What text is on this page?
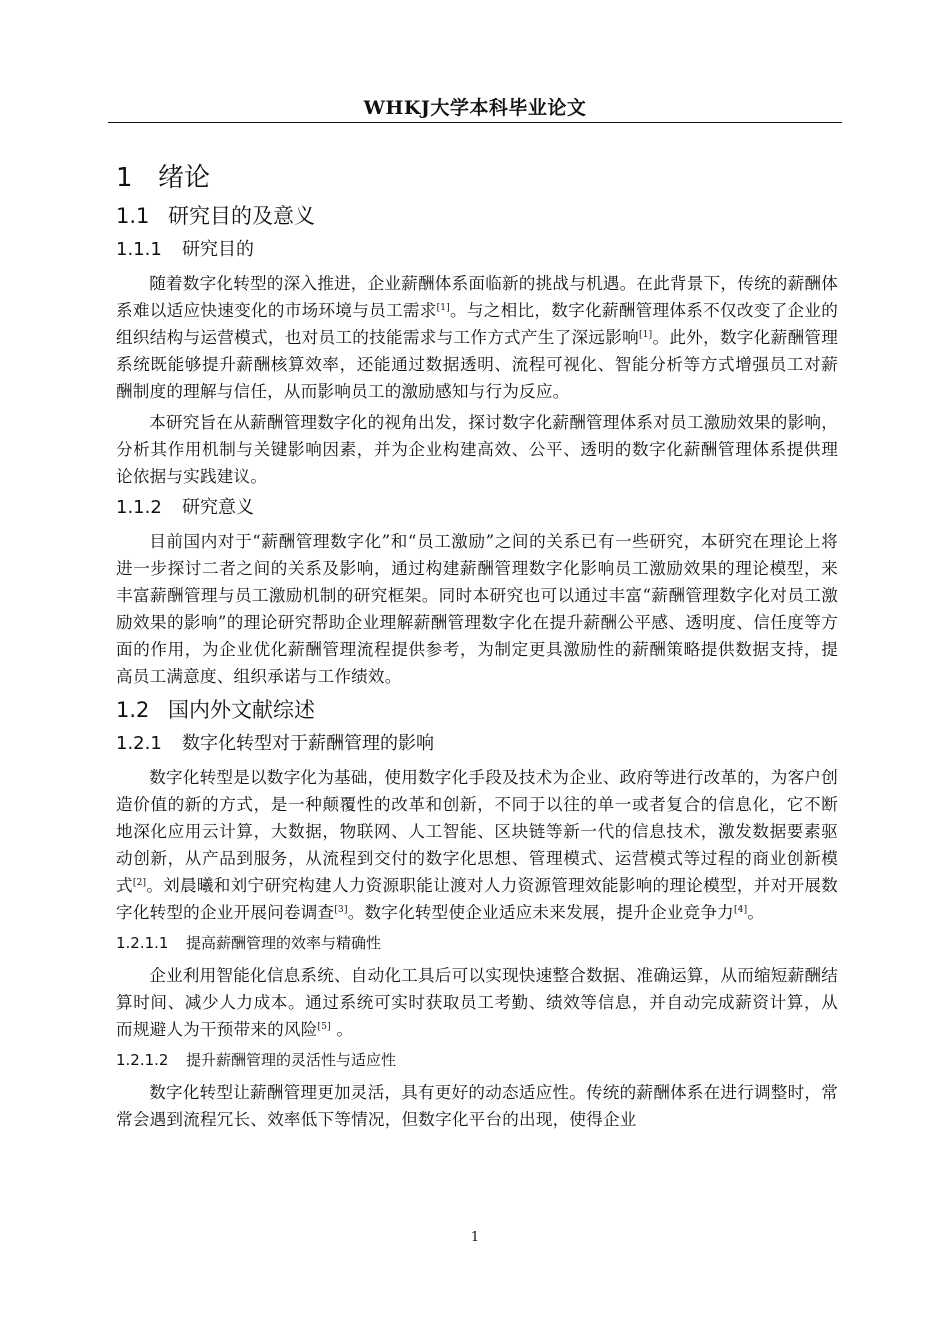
WHKJ大学本科毕业论文
1 绪论
1.1 研究目的及意义
1.1.1 研究目的

随着数字化转型的深入推进，企业薪酬体系面临新的挑战与机遇。在此背景下，传统的薪酬体系难以适应快速变化的市场环境与员工需求[1]。与之相比，数字化薪酬管理体系不仅改变了企业的组织结构与运营模式，也对员工的技能需求与工作方式产生了深远影响[1]。此外，数字化薪酬管理系统既能够提升薪酬核算效率，还能通过数据透明、流程可视化、智能分析等方式增强员工对薪酬制度的理解与信任，从而影响员工的激励感知与行为反应。

本研究旨在从薪酬管理数字化的视角出发，探讨数字化薪酬管理体系对员工激励效果的影响，分析其作用机制与关键影响因素，并为企业构建高效、公平、透明的数字化薪酬管理体系提供理论依据与实践建议。

1.1.2 研究意义

目前国内对于“薪酬管理数字化”和“员工激励”之间的关系已有一些研究，本研究在理论上将进一步探讨二者之间的关系及影响，通过构建薪酬管理数字化影响员工激励效果的理论模型，来丰富薪酬管理与员工激励机制的研究框架。同时本研究也可以通过丰富“薪酬管理数字化对员工激励效果的影响”的理论研究帮助企业理解薪酬管理数字化在提升薪酬公平感、透明度、信任度等方面的作用，为企业优化薪酬管理流程提供参考，为制定更具激励性的薪酬策略提供数据支持，提高员工满意度、组织承诺与工作绩效。

1.2 国内外文献综述
1.2.1 数字化转型对于薪酬管理的影响

数字化转型是以数字化为基础，使用数字化手段及技术为企业、政府等进行改革的，为客户创造价值的新的方式，是一种颠覆性的改革和创新，不同于以往的单一或者复合的信息化，它不断地深化应用云计算，大数据，物联网、人工智能、区块链等新一代的信息技术，激发数据要素驱动创新，从产品到服务，从流程到交付的数字化思想、管理模式、运营模式等过程的商业创新模式[2]。刘晨曦和刘宁研究构建人力资源职能让渡对人力资源管理效能影响的理论模型，并对开展数字化转型的企业开展问卷调查[3]。数字化转型使企业适应未来发展，提升企业竞争力[4]。

1.2.1.1 提高薪酬管理的效率与精确性

企业利用智能化信息系统、自动化工具后可以实现快速整合数据、准确运算，从而缩短薪酬结算时间、减少人力成本。通过系统可实时获取员工考勤、绩效等信息，并自动完成薪资计算，从而规避人为干预带来的风险[5] 。

1.2.1.2 提升薪酬管理的灵活性与适应性

数字化转型让薪酬管理更加灵活，具有更好的动态适应性。传统的薪酬体系在进行调整时，常常会遇到流程冗长、效率低下等情况，但数字化平台的出现，使得企业

1
